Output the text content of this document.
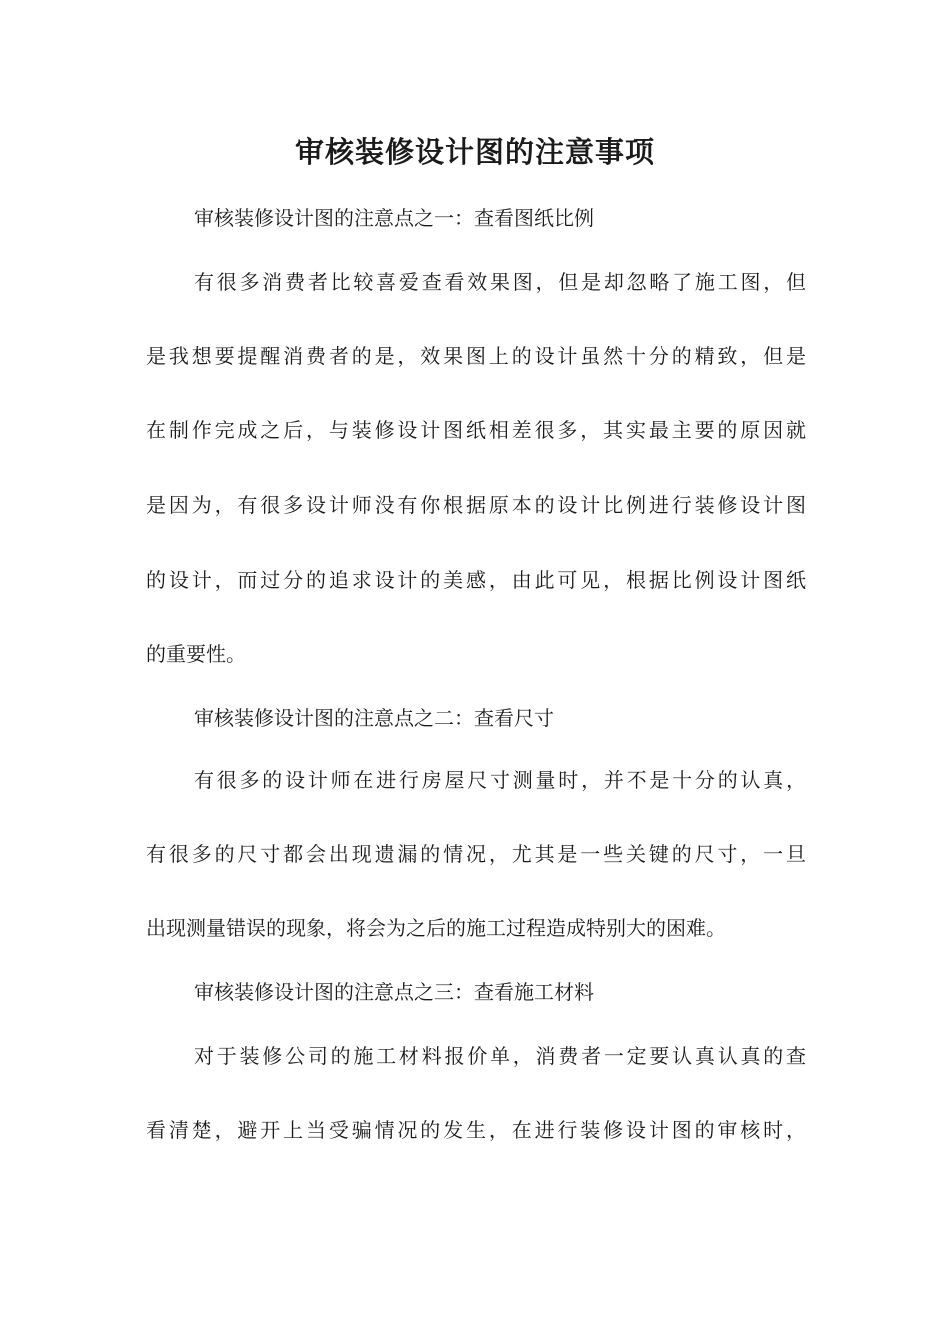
审核装修设计图的注意事项
审核装修设计图的注意点之一：查看图纸比例
有很多消费者比较喜爱查看效果图，但是却忽略了施工图，但
是我想要提醒消费者的是，效果图上的设计虽然十分的精致，但是
在制作完成之后，与装修设计图纸相差很多，其实最主要的原因就
是因为，有很多设计师没有你根据原本的设计比例进行装修设计图
的设计，而过分的追求设计的美感，由此可见，根据比例设计图纸
的重要性。
审核装修设计图的注意点之二：查看尺寸
有很多的设计师在进行房屋尺寸测量时，并不是十分的认真，
有很多的尺寸都会出现遗漏的情况，尤其是一些关键的尺寸，一旦
出现测量错误的现象，将会为之后的施工过程造成特别大的困难。
审核装修设计图的注意点之三：查看施工材料
对于装修公司的施工材料报价单，消费者一定要认真认真的查
看清楚，避开上当受骗情况的发生，在进行装修设计图的审核时，
